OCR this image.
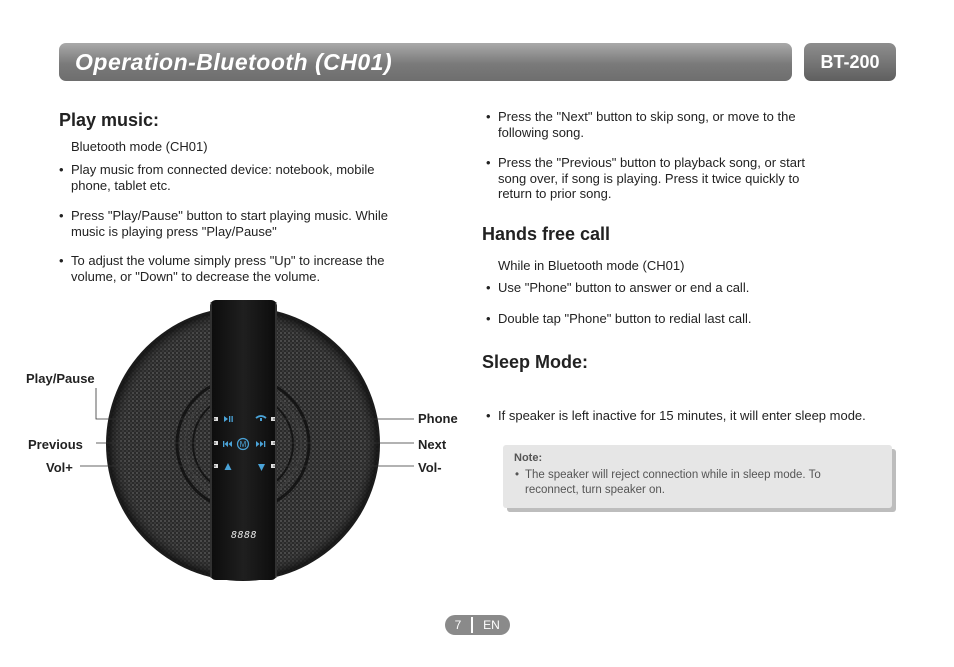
Operation-Bluetooth (CH01)	BT-200
Play music:
Bluetooth mode (CH01)
• Play music from connected device: notebook, mobile
phone, tablet etc.
• Press "Play/Pause" button to start playing music. While
music is playing press "Play/Pause"
• To adjust the volume simply press "Up" to increase the
volume, or "Down" to decrease the volume.
• Press the "Next" button to skip song, or move to the
following song.
• Press the "Previous" button to playback song, or start
song over, if song is playing. Press it twice quickly to
return to prior song.
Hands free call
While in Bluetooth mode (CH01)
• Use "Phone" button to answer or end a call.
• Double tap "Phone" button to redial last call.
Sleep Mode:
• If speaker is left inactive for 15 minutes, it will enter sleep mode.
Note:
• The speaker will reject connection while in sleep mode. To
reconnect, turn speaker on.
M
8888
Play/Pause
Previous
Vol+
Phone
Next
Vol-
7	EN
